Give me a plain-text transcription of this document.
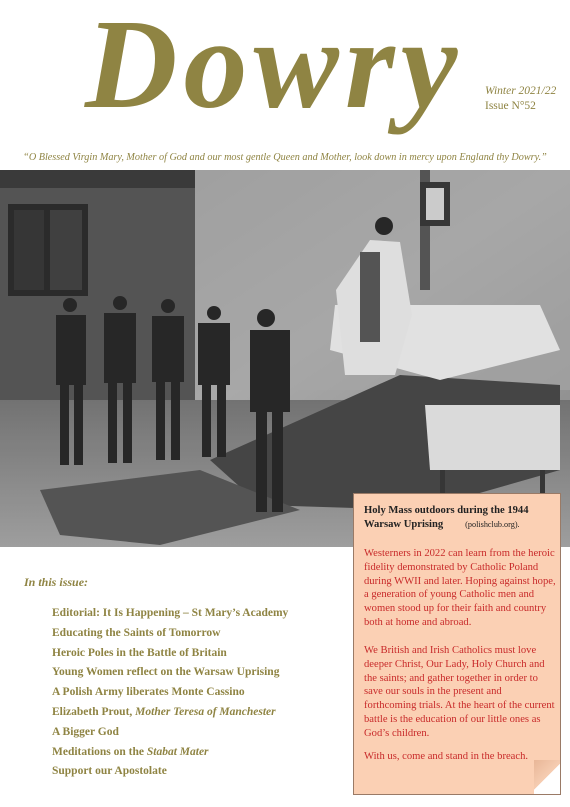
Dowry Winter 2021/22
Issue N°52
“O Blessed Virgin Mary, Mother of God and our most gentle Queen and Mother, look down in mercy upon England thy Dowry.”
In this issue:
Editorial: It Is Happening – St Mary’s Academy
Educating the Saints of Tomorrow
Heroic Poles in the Battle of Britain
Young Women reflect on the Warsaw Uprising
A Polish Army liberates Monte Cassino
Elizabeth Prout, Mother Teresa of Manchester
A Bigger God
Meditations on the Stabat Mater
Support our Apostolate
Holy Mass outdoors during the 1944 Warsaw Uprising	(polishclub.org).
Westerners in 2022 can learn from the heroic fidelity demonstrated by Catholic Poland during WWII and later. Hoping against hope, a generation of young Catholic men and women stood up for their faith and country both at home and abroad.
We British and Irish Catholics must love deeper Christ, Our Lady, Holy Church and the saints; and gather together in order to save our souls in the present and forthcoming trials. At the heart of the current battle is the education of our little ones as God’s children.
With us, come and stand in the breach.
